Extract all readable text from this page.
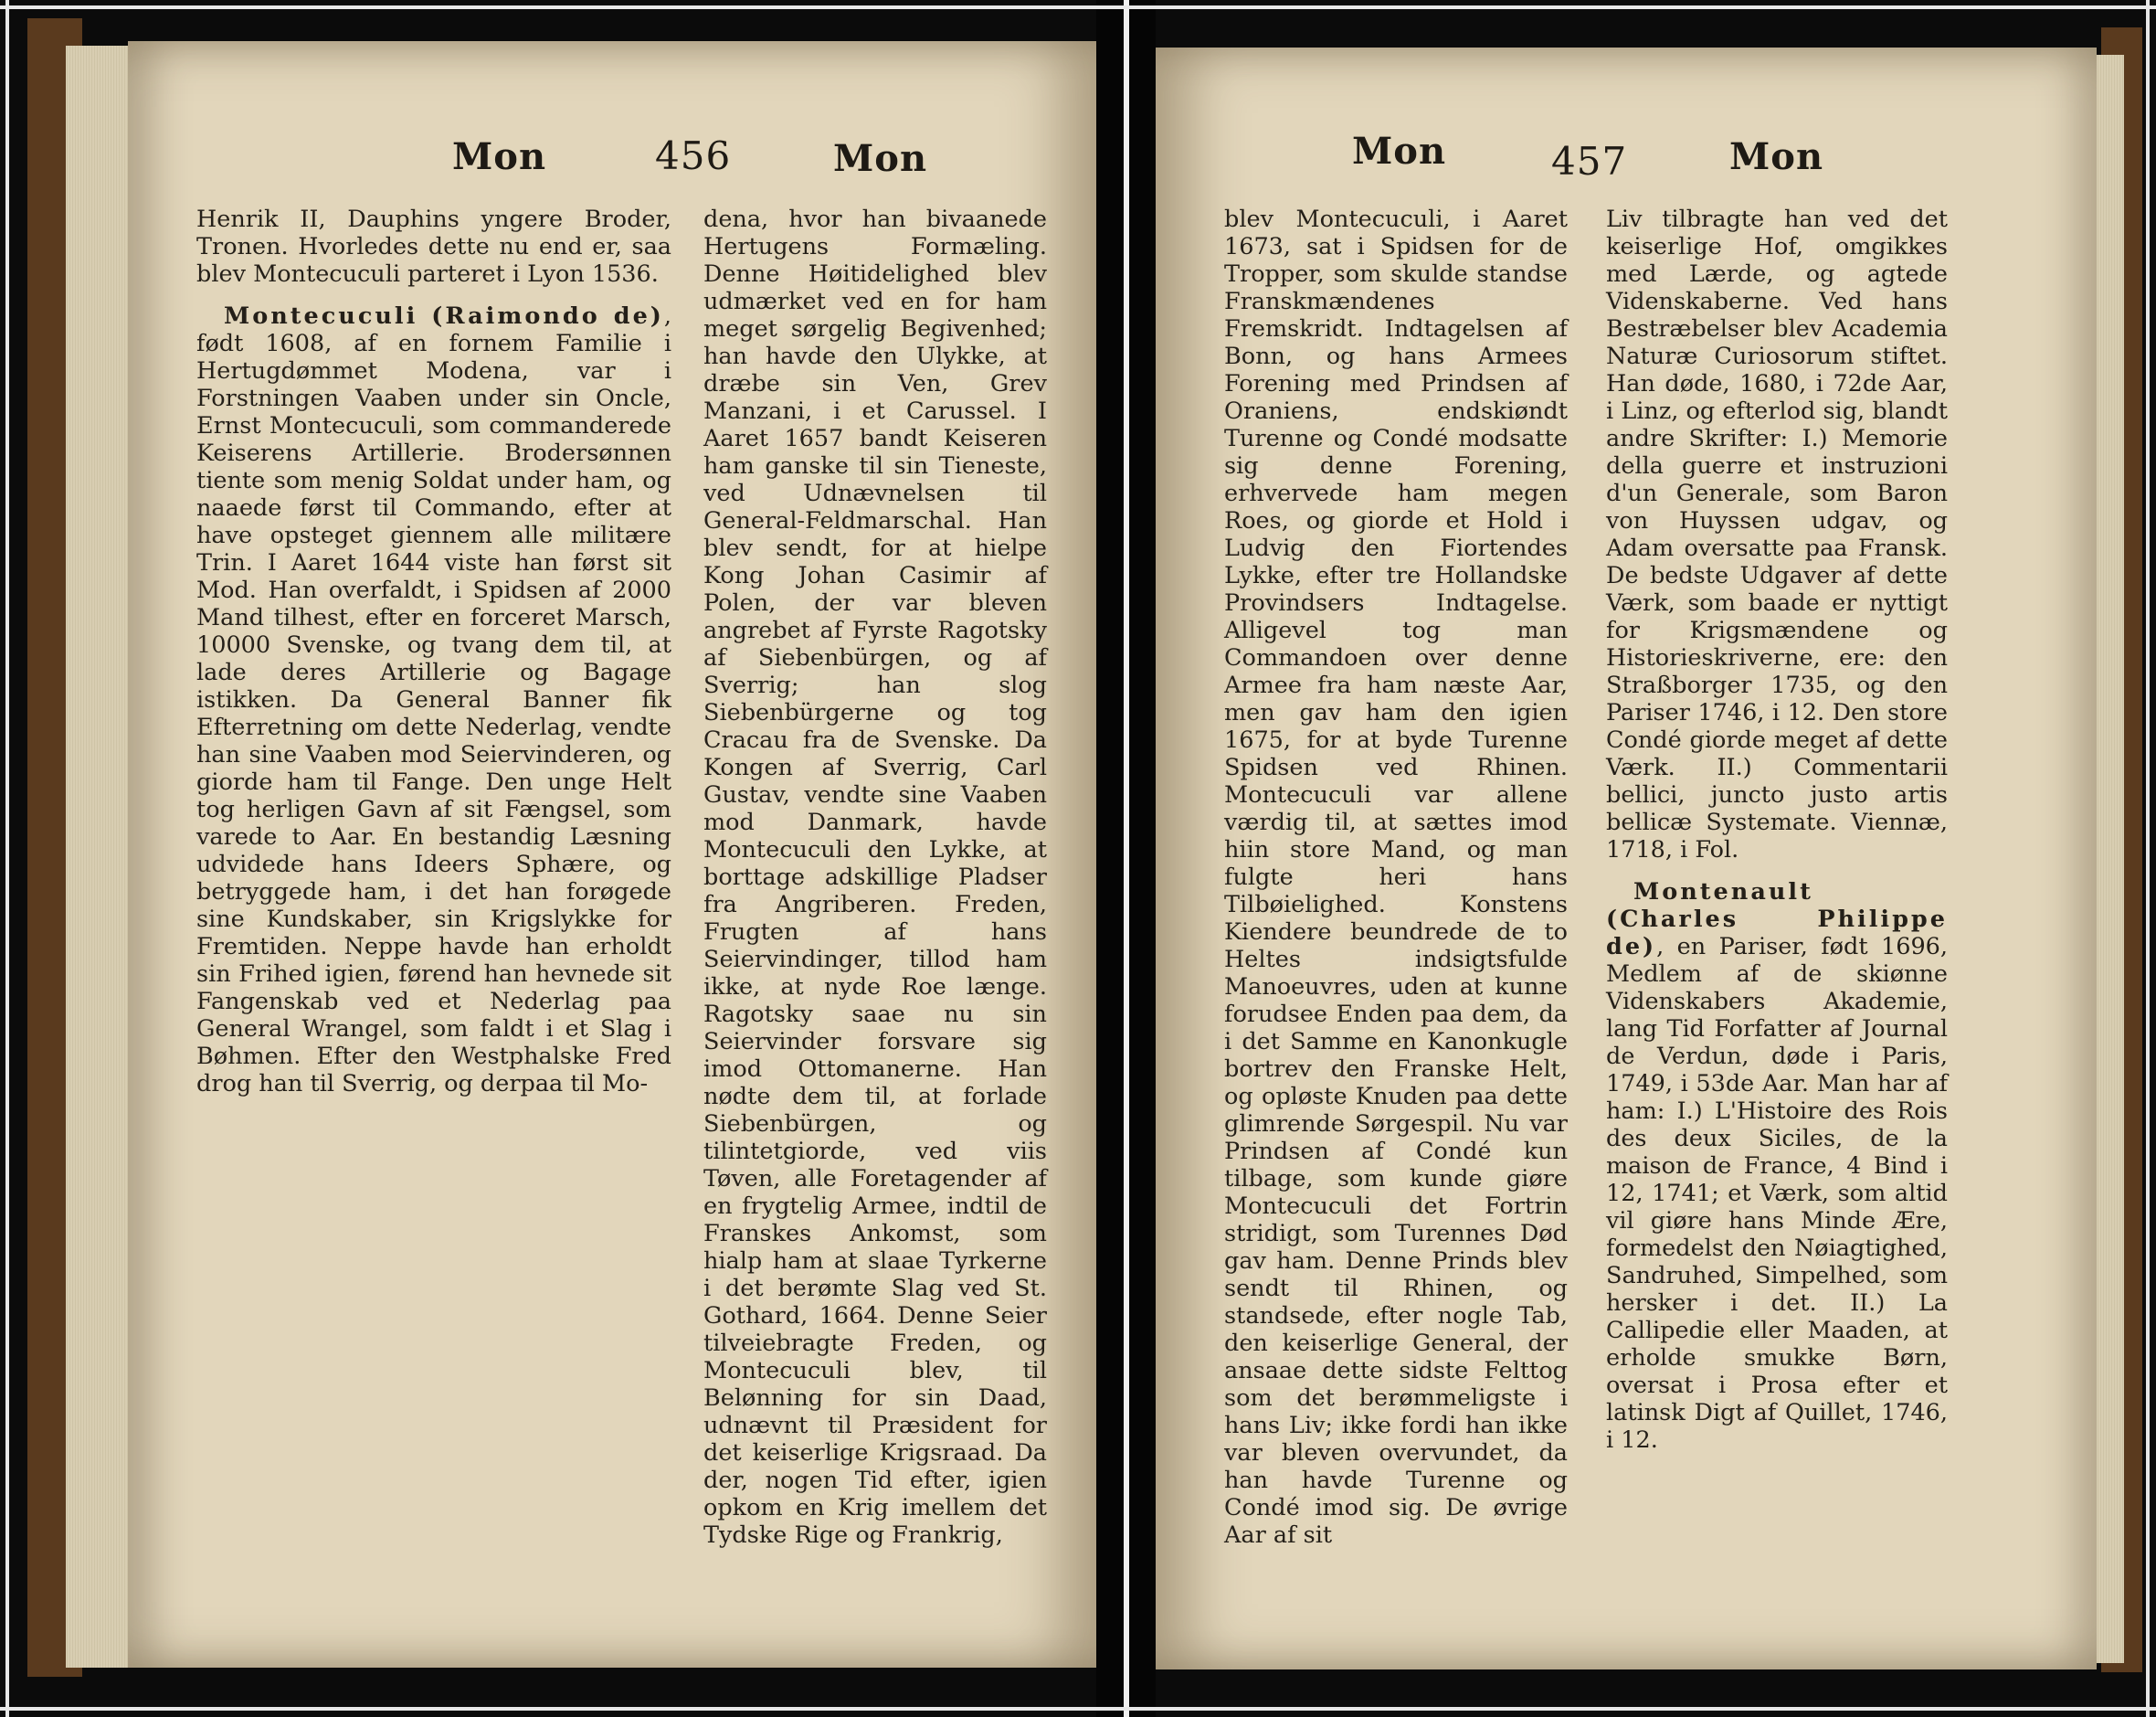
Mon	456	Mon	Mon	457	Mon

Henrik II, Dauphins yngere Broder, Tronen. Hvorledes dette nu end er, saa blev Montecuculi parteret i Lyon 1536.

Montecuculi (Raimondo de), født 1608, af en fornem Familie i Hertugdømmet Modena, var i Forstningen Vaaben under sin Oncle, Ernst Montecuculi, som commanderede Keiserens Artillerie. Brodersønnen tiente som menig Soldat under ham, og naaede først til Commando, efter at have opsteget giennem alle militære Trin. I Aaret 1644 viste han først sit Mod. Han overfaldt, i Spidsen af 2000 Mand tilhest, efter en forceret Marsch, 10000 Svenske, og tvang dem til, at lade deres Artillerie og Bagage istikken. Da General Banner fik Efterretning om dette Nederlag, vendte han sine Vaaben mod Seiervinderen, og giorde ham til Fange. Den unge Helt tog herligen Gavn af sit Fængsel, som varede to Aar. En bestandig Læsning udvidede hans Ideers Sphære, og betryggede ham, i det han forøgede sine Kundskaber, sin Krigslykke for Fremtiden. Neppe havde han erholdt sin Frihed igien, førend han hevnede sit Fangenskab ved et Nederlag paa General Wrangel, som faldt i et Slag i Bøhmen. Efter den Westphalske Fred drog han til Sverrig, og derpaa til Mo-

dena, hvor han bivaanede Hertugens Formæling. Denne Høitidelighed blev udmærket ved en for ham meget sørgelig Begivenhed; han havde den Ulykke, at dræbe sin Ven, Grev Manzani, i et Carussel. I Aaret 1657 bandt Keiseren ham ganske til sin Tieneste, ved Udnævnelsen til General-Feldmarschal. Han blev sendt, for at hielpe Kong Johan Casimir af Polen, der var bleven angrebet af Fyrste Ragotsky af Siebenbürgen, og af Sverrig; han slog Siebenbürgerne og tog Cracau fra de Svenske. Da Kongen af Sverrig, Carl Gustav, vendte sine Vaaben mod Danmark, havde Montecuculi den Lykke, at borttage adskillige Pladser fra Angriberen. Freden, Frugten af hans Seiervindinger, tillod ham ikke, at nyde Roe længe. Ragotsky saae nu sin Seiervinder forsvare sig imod Ottomanerne. Han nødte dem til, at forlade Siebenbürgen, og tilintetgiorde, ved viis Tøven, alle Foretagender af en frygtelig Armee, indtil de Franskes Ankomst, som hialp ham at slaae Tyrkerne i det berømte Slag ved St. Gothard, 1664. Denne Seier tilveiebragte Freden, og Montecuculi blev, til Belønning for sin Daad, udnævnt til Præsident for det keiserlige Krigsraad. Da der, nogen Tid efter, igien opkom en Krig imellem det Tydske Rige og Frankrig,

blev Montecuculi, i Aaret 1673, sat i Spidsen for de Tropper, som skulde standse Franskmændenes Fremskridt. Indtagelsen af Bonn, og hans Armees Forening med Prindsen af Oraniens, endskiøndt Turenne og Condé modsatte sig denne Forening, erhvervede ham megen Roes, og giorde et Hold i Ludvig den Fiortendes Lykke, efter tre Hollandske Provindsers Indtagelse. Alligevel tog man Commandoen over denne Armee fra ham næste Aar, men gav ham den igien 1675, for at byde Turenne Spidsen ved Rhinen. Montecuculi var allene værdig til, at sættes imod hiin store Mand, og man fulgte heri hans Tilbøielighed. Konstens Kiendere beundrede de to Heltes indsigtsfulde Manoeuvres, uden at kunne forudsee Enden paa dem, da i det Samme en Kanonkugle bortrev den Franske Helt, og opløste Knuden paa dette glimrende Sørgespil. Nu var Prindsen af Condé kun tilbage, som kunde giøre Montecuculi det Fortrin stridigt, som Turennes Død gav ham. Denne Prinds blev sendt til Rhinen, og standsede, efter nogle Tab, den keiserlige General, der ansaae dette sidste Felttog som det berømmeligste i hans Liv; ikke fordi han ikke var bleven overvundet, da han havde Turenne og Condé imod sig. De øvrige Aar af sit

Liv tilbragte han ved det keiserlige Hof, omgikkes med Lærde, og agtede Videnskaberne. Ved hans Bestræbelser blev Academia Naturæ Curiosorum stiftet. Han døde, 1680, i 72de Aar, i Linz, og efterlod sig, blandt andre Skrifter: I.) Memorie della guerre et instruzioni d'un Generale, som Baron von Huyssen udgav, og Adam oversatte paa Fransk. De bedste Udgaver af dette Værk, som baade er nyttigt for Krigsmændene og Historieskriverne, ere: den Straßborger 1735, og den Pariser 1746, i 12. Den store Condé giorde meget af dette Værk. II.) Commentarii bellici, juncto justo artis bellicæ Systemate. Viennæ, 1718, i Fol.

Montenault (Charles Philippe de), en Pariser, født 1696, Medlem af de skiønne Videnskabers Akademie, lang Tid Forfatter af Journal de Verdun, døde i Paris, 1749, i 53de Aar. Man har af ham: I.) L'Histoire des Rois des deux Siciles, de la maison de France, 4 Bind i 12, 1741; et Værk, som altid vil giøre hans Minde Ære, formedelst den Nøiagtighed, Sandruhed, Simpelhed, som hersker i det. II.) La Callipedie eller Maaden, at erholde smukke Børn, oversat i Prosa efter et latinsk Digt af Quillet, 1746, i 12.
